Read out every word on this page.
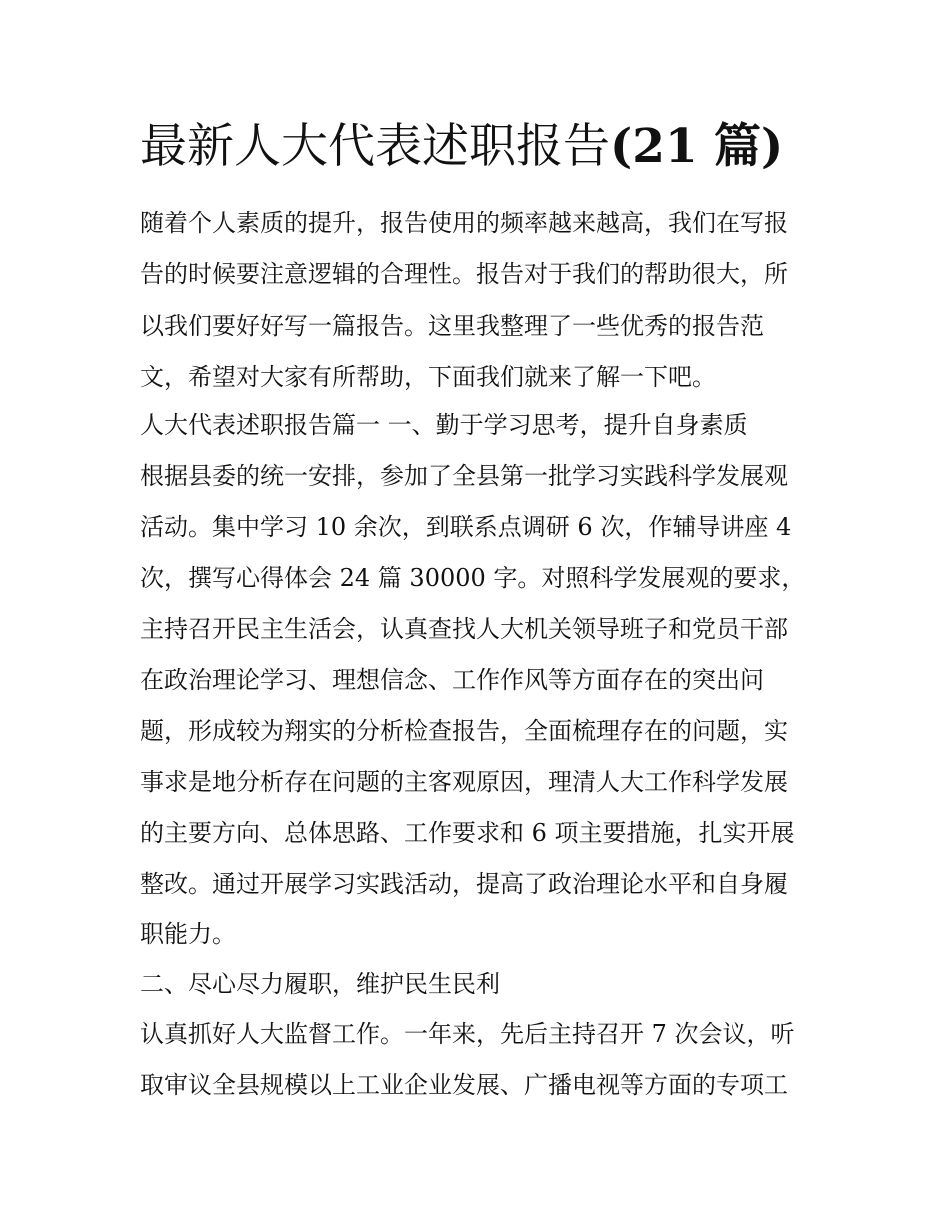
最新人大代表述职报告(21 篇)

随着个人素质的提升，报告使用的频率越来越高，我们在写报

告的时候要注意逻辑的合理性。报告对于我们的帮助很大，所

以我们要好好写一篇报告。这里我整理了一些优秀的报告范

文，希望对大家有所帮助，下面我们就来了解一下吧。

人大代表述职报告篇一 一、勤于学习思考，提升自身素质

根据县委的统一安排，参加了全县第一批学习实践科学发展观

活动。集中学习 10 余次，到联系点调研 6 次，作辅导讲座 4

次，撰写心得体会 24 篇 30000 字。对照科学发展观的要求，

主持召开民主生活会，认真查找人大机关领导班子和党员干部

在政治理论学习、理想信念、工作作风等方面存在的突出问

题，形成较为翔实的分析检查报告，全面梳理存在的问题，实

事求是地分析存在问题的主客观原因，理清人大工作科学发展

的主要方向、总体思路、工作要求和 6 项主要措施，扎实开展

整改。通过开展学习实践活动，提高了政治理论水平和自身履

职能力。

二、尽心尽力履职，维护民生民利

认真抓好人大监督工作。一年来，先后主持召开 7 次会议，听

取审议全县规模以上工业企业发展、广播电视等方面的专项工
